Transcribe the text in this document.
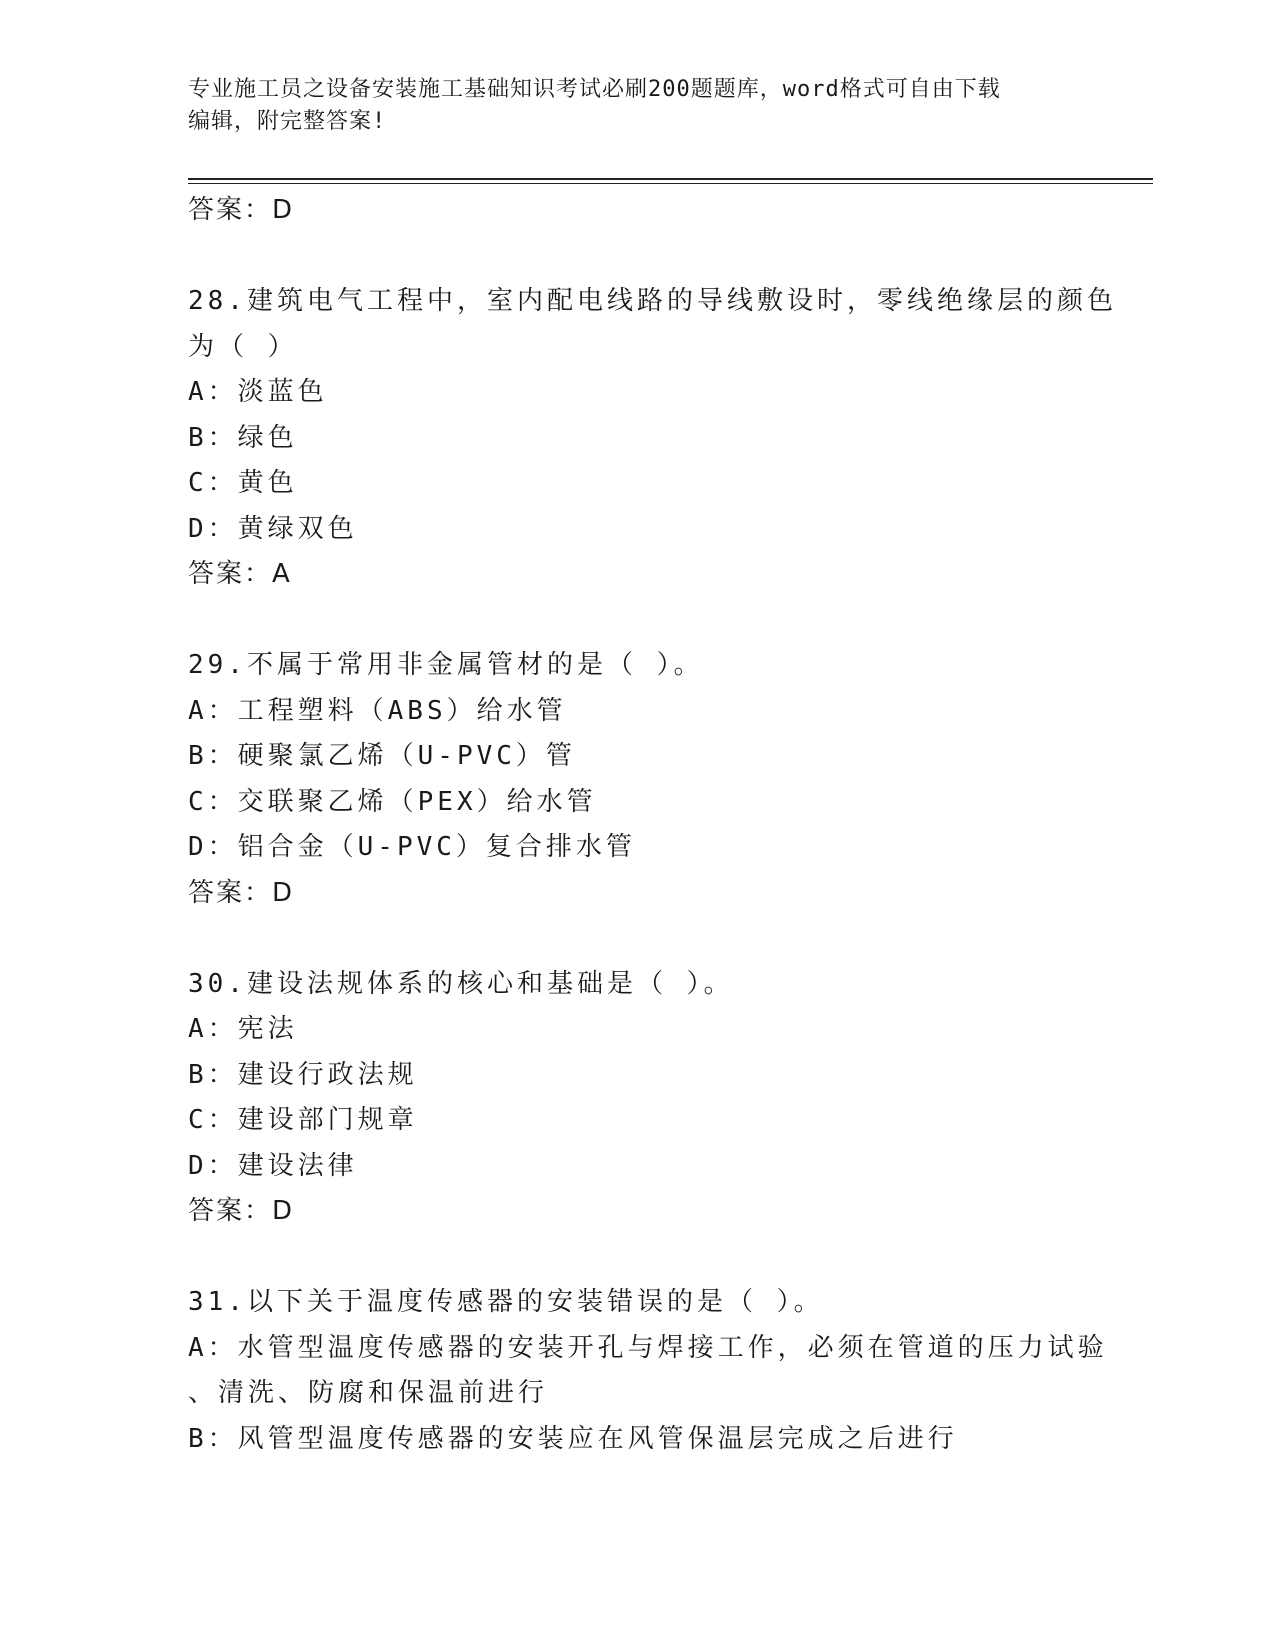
专业施工员之设备安装施工基础知识考试必刷200题题库，word格式可自由下载
编辑，附完整答案!
答案：D
28.建筑电气工程中，室内配电线路的导线敷设时，零线绝缘层的颜色
为（ ）
A：淡蓝色
B：绿色
C：黄色
D：黄绿双色
答案：A
29.不属于常用非金属管材的是（ ）。
A：工程塑料（ABS）给水管
B：硬聚氯乙烯（U-PVC）管
C：交联聚乙烯（PEX）给水管
D：铝合金（U-PVC）复合排水管
答案：D
30.建设法规体系的核心和基础是（ ）。
A：宪法
B：建设行政法规
C：建设部门规章
D：建设法律
答案：D
31.以下关于温度传感器的安装错误的是（ ）。
A：水管型温度传感器的安装开孔与焊接工作，必须在管道的压力试验
、清洗、防腐和保温前进行
B：风管型温度传感器的安装应在风管保温层完成之后进行
